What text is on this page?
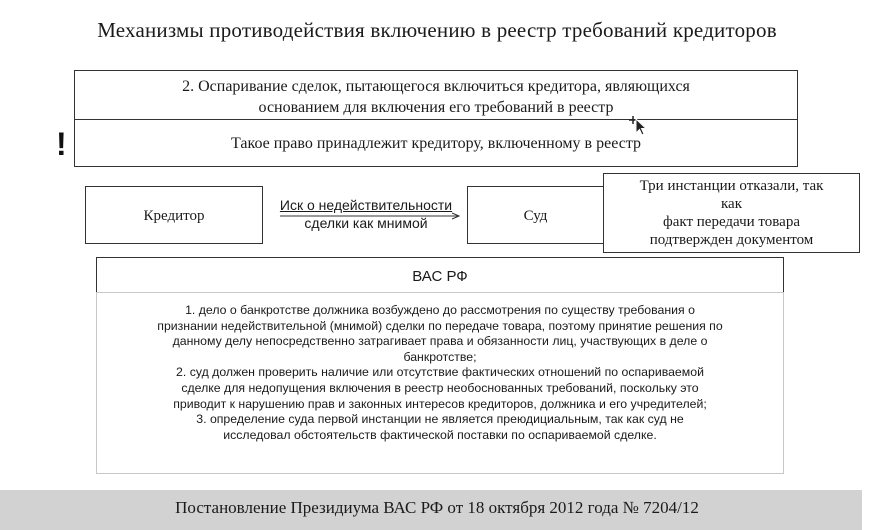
Механизмы противодействия включению в реестр требований кредиторов
2. Оспаривание сделок, пытающегося включиться кредитора, являющихся
основанием для включения его требований в реестр
Такое право принадлежит кредитору, включенному в реестр
!
Кредитор
Иск о недействительности
сделки как мнимой	Суд
Три инстанции отказали, так
как
факт передачи товара
подтвержден документом
ВАС РФ
1. дело о банкротстве должника возбуждено до рассмотрения по существу требования о
признании недействительной (мнимой) сделки по передаче товара, поэтому принятие решения по
данному делу непосредственно затрагивает права и обязанности лиц, участвующих в деле о
банкротстве;
2. суд должен проверить наличие или отсутствие фактических отношений по оспариваемой
сделке для недопущения включения в реестр необоснованных требований, поскольку это
приводит к нарушению прав и законных интересов кредиторов, должника и его учредителей;
3. определение суда первой инстанции не является преюдициальным, так как суд не
исследовал обстоятельств фактической поставки по оспариваемой сделке.
Постановление Президиума ВАС РФ от 18 октября 2012 года № 7204/12
